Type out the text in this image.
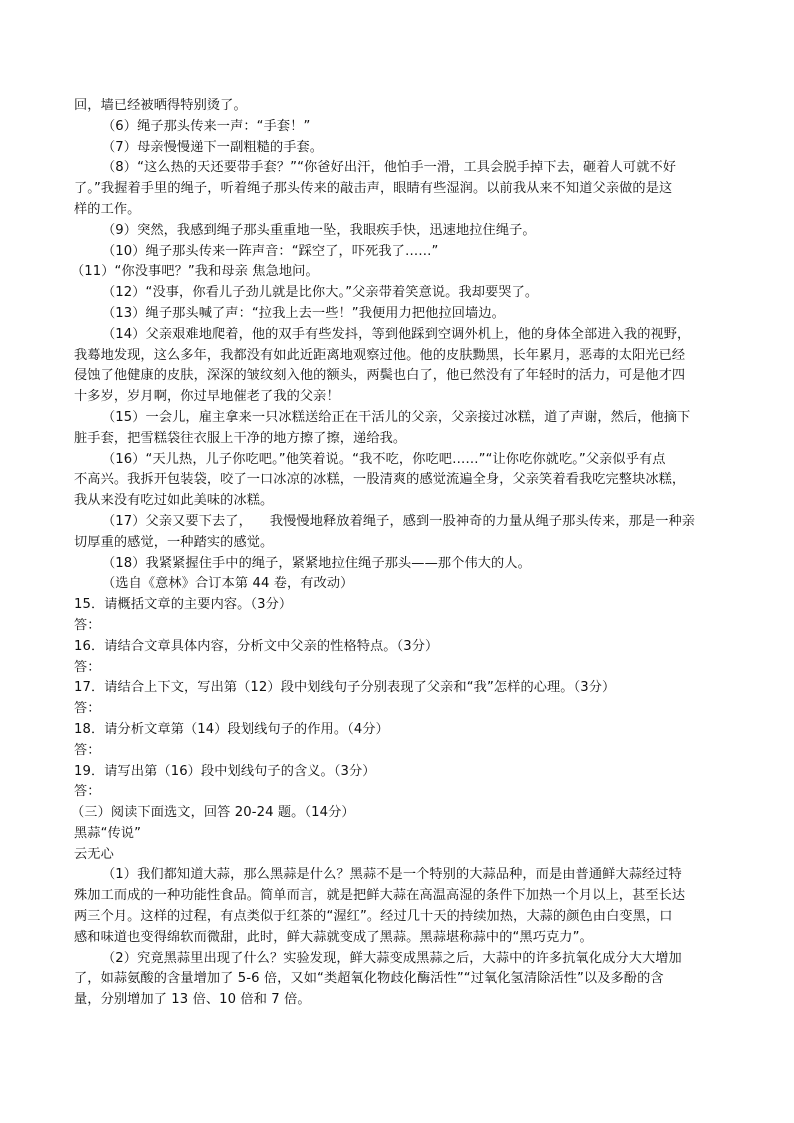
回，墙已经被晒得特别烫了。
（6）绳子那头传来一声：“手套！”
（7）母亲慢慢递下一副粗糙的手套。
（8）“这么热的天还要带手套？”“你爸好出汗，他怕手一滑，工具会脱手掉下去，砸着人可就不好
了。”我握着手里的绳子，听着绳子那头传来的敲击声，眼睛有些湿润。以前我从来不知道父亲做的是这
样的工作。
（9）突然，我感到绳子那头重重地一坠，我眼疾手快，迅速地拉住绳子。
（10）绳子那头传来一阵声音：“踩空了，吓死我了……”
（11）“你没事吧？”我和母亲 焦急地问。
（12）“没事，你看儿子劲儿就是比你大。”父亲带着笑意说。我却要哭了。
（13）绳子那头喊了声：“拉我上去一些！”我便用力把他拉回墙边。
（14）父亲艰难地爬着，他的双手有些发抖，等到他踩到空调外机上，他的身体全部进入我的视野，
我蓦地发现，这么多年，我都没有如此近距离地观察过他。他的皮肤黝黑，长年累月，恶毒的太阳光已经
侵蚀了他健康的皮肤，深深的皱纹刻入他的额头，两鬓也白了，他已然没有了年轻时的活力，可是他才四
十多岁，岁月啊，你过早地催老了我的父亲！
（15）一会儿，雇主拿来一只冰糕送给正在干活儿的父亲，父亲接过冰糕，道了声谢，然后，他摘下
脏手套，把雪糕袋往衣服上干净的地方擦了擦，递给我。
（16）“天儿热，儿子你吃吧。”他笑着说。“我不吃，你吃吧……”“让你吃你就吃。”父亲似乎有点
不高兴。我拆开包装袋，咬了一口冰凉的冰糕，一股清爽的感觉流遍全身，父亲笑着看我吃完整块冰糕，
我从来没有吃过如此美味的冰糕。
（17）父亲又要下去了， 我慢慢地释放着绳子，感到一股神奇的力量从绳子那头传来，那是一种亲
切厚重的感觉，一种踏实的感觉。
（18）我紧紧握住手中的绳子，紧紧地拉住绳子那头——那个伟大的人。
（选自《意林》合订本第 44 卷，有改动）
15．请概括文章的主要内容。（3分）
答：
16．请结合文章具体内容，分析文中父亲的性格特点。（3分）
答：
17．请结合上下文，写出第（12）段中划线句子分别表现了父亲和“我”怎样的心理。（3分）
答：
18．请分析文章第（14）段划线句子的作用。（4分）
答：
19．请写出第（16）段中划线句子的含义。（3分）
答：
（三）阅读下面选文，回答 20-24 题。（14分）
黑蒜“传说”
云无心
（1）我们都知道大蒜，那么黑蒜是什么？黑蒜不是一个特别的大蒜品种，而是由普通鲜大蒜经过特
殊加工而成的一种功能性食品。简单而言，就是把鲜大蒜在高温高湿的条件下加热一个月以上，甚至长达
两三个月。这样的过程，有点类似于红茶的“渥红”。经过几十天的持续加热，大蒜的颜色由白变黑，口
感和味道也变得绵软而微甜，此时，鲜大蒜就变成了黑蒜。黑蒜堪称蒜中的“黑巧克力”。
（2）究竟黑蒜里出现了什么？实验发现，鲜大蒜变成黑蒜之后，大蒜中的许多抗氧化成分大大增加
了，如蒜氨酸的含量增加了 5-6 倍，又如“类超氧化物歧化酶活性”“过氧化氢清除活性”以及多酚的含
量，分别增加了 13 倍、10 倍和 7 倍。
